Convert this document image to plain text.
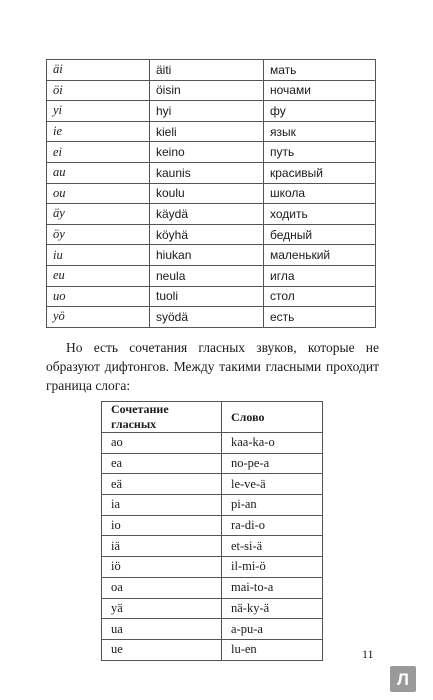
äi	äiti	мать
öi	öisin	ночами
yi	hyi	фу
ie	kieli	язык
ei	keino	путь
au	kaunis	красивый
ou	koulu	школа
äy	käydä	ходить
öy	köyhä	бедный
iu	hiukan	маленький
eu	neula	игла
uo	tuoli	стол
yö	syödä	есть

Но есть сочетания гласных звуков, которые не образуют дифтонгов. Между такими гласными проходит граница слога:

Сочетание гласных	Слово
ao	kaa-ka-o
ea	no-pe-a
eä	le-ve-ä
ia	pi-an
io	ra-di-o
iä	et-si-ä
iö	il-mi-ö
oa	mai-to-a
yä	nä-ky-ä
ua	a-pu-a
ue	lu-en	11
Л
